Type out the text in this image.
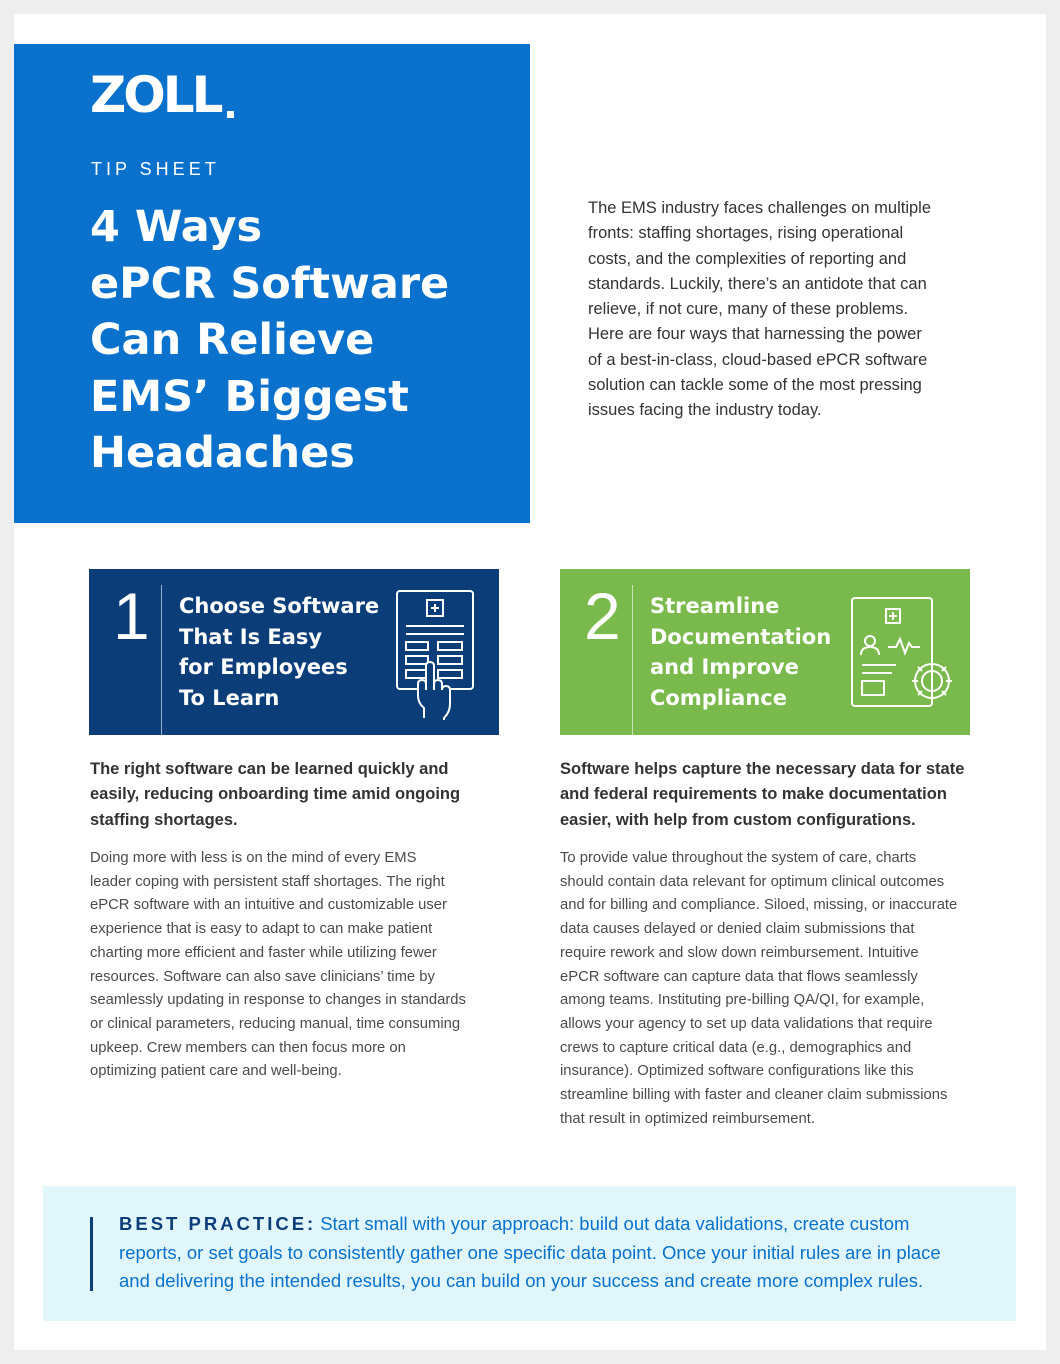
ZOLL
TIP SHEET
4 Ways
ePCR Software
Can Relieve
EMS’ Biggest
Headaches
The EMS industry faces challenges on multiple
fronts: staffing shortages, rising operational
costs, and the complexities of reporting and
standards. Luckily, there’s an antidote that can
relieve, if not cure, many of these problems.
Here are four ways that harnessing the power
of a best-in-class, cloud-based ePCR software
solution can tackle some of the most pressing
issues facing the industry today.
1 Choose Software
That Is Easy
for Employees
To Learn
2 Streamline
Documentation
and Improve
Compliance
The right software can be learned quickly and
easily, reducing onboarding time amid ongoing
staffing shortages.
Doing more with less is on the mind of every EMS
leader coping with persistent staff shortages. The right
ePCR software with an intuitive and customizable user
experience that is easy to adapt to can make patient
charting more efficient and faster while utilizing fewer
resources. Software can also save clinicians’ time by
seamlessly updating in response to changes in standards
or clinical parameters, reducing manual, time consuming
upkeep. Crew members can then focus more on
optimizing patient care and well-being.
Software helps capture the necessary data for state
and federal requirements to make documentation
easier, with help from custom configurations.
To provide value throughout the system of care, charts
should contain data relevant for optimum clinical outcomes
and for billing and compliance. Siloed, missing, or inaccurate
data causes delayed or denied claim submissions that
require rework and slow down reimbursement. Intuitive
ePCR software can capture data that flows seamlessly
among teams. Instituting pre-billing QA/QI, for example,
allows your agency to set up data validations that require
crews to capture critical data (e.g., demographics and
insurance). Optimized software configurations like this
streamline billing with faster and cleaner claim submissions
that result in optimized reimbursement.
BEST PRACTICE: Start small with your approach: build out data validations, create custom
reports, or set goals to consistently gather one specific data point. Once your initial rules are in place
and delivering the intended results, you can build on your success and create more complex rules.
